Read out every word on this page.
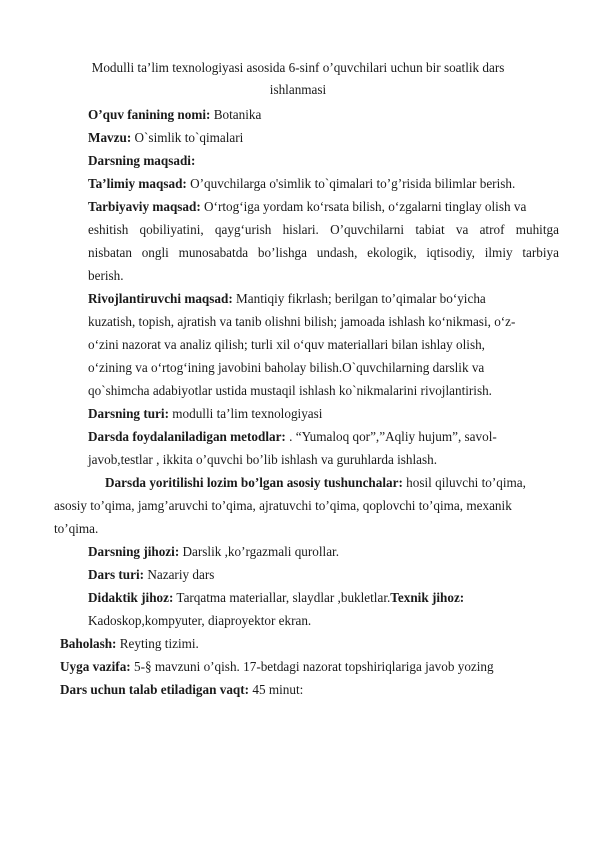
Modulli ta’lim texnologiyasi asosida 6-sinf o’quvchilari uchun bir soatlik dars
ishlanmasi
O’quv fanining nomi: Botanika
Mavzu: O`simlik to`qimalari
Darsning maqsadi:
Ta’limiy maqsad: O’quvchilarga o'simlik to`qimalari to’g’risida bilimlar berish.
Tarbiyaviy maqsad: O‘rtog‘iga yordam ko‘rsata bilish, o‘zgalarni tinglay olish va
eshitish qobiliyatini, qayg‘urish hislari. O’quvchilarni tabiat va atrof muhitga
nisbatan ongli munosabatda bo’lishga undash, ekologik, iqtisodiy, ilmiy tarbiya
berish.
Rivojlantiruvchi maqsad: Mantiqiy fikrlash; berilgan to’qimalar bo‘yicha
kuzatish, topish, ajratish va tanib olishni bilish; jamoada ishlash ko‘nikmasi, o‘z-
o‘zini nazorat va analiz qilish; turli xil o‘quv materiallari bilan ishlay olish,
o‘zining va o‘rtog‘ining javobini baholay bilish.O`quvchilarning darslik va
qo`shimcha adabiyotlar ustida mustaqil ishlash ko`nikmalarini rivojlantirish.
Darsning turi: modulli ta’lim texnologiyasi
Darsda foydalaniladigan metodlar: . “Yumaloq qor”,”Aqliy hujum”, savol-
javob,testlar , ikkita o’quvchi bo’lib ishlash va guruhlarda ishlash.
Darsda yoritilishi lozim bo’lgan asosiy tushunchalar: hosil qiluvchi to’qima,
asosiy to’qima, jamg’aruvchi to’qima, ajratuvchi to’qima, qoplovchi to’qima, mexanik
to’qima.
Darsning jihozi: Darslik ,ko’rgazmali qurollar.
Dars turi: Nazariy dars
Didaktik jihoz: Tarqatma materiallar, slaydlar ,bukletlar.Texnik jihoz:
Kadoskop,kompyuter, diaproyektor ekran.
Baholash: Reyting tizimi.
Uyga vazifa: 5-§ mavzuni o’qish. 17-betdagi nazorat topshiriqlariga javob yozing
Dars uchun talab etiladigan vaqt: 45 minut:
